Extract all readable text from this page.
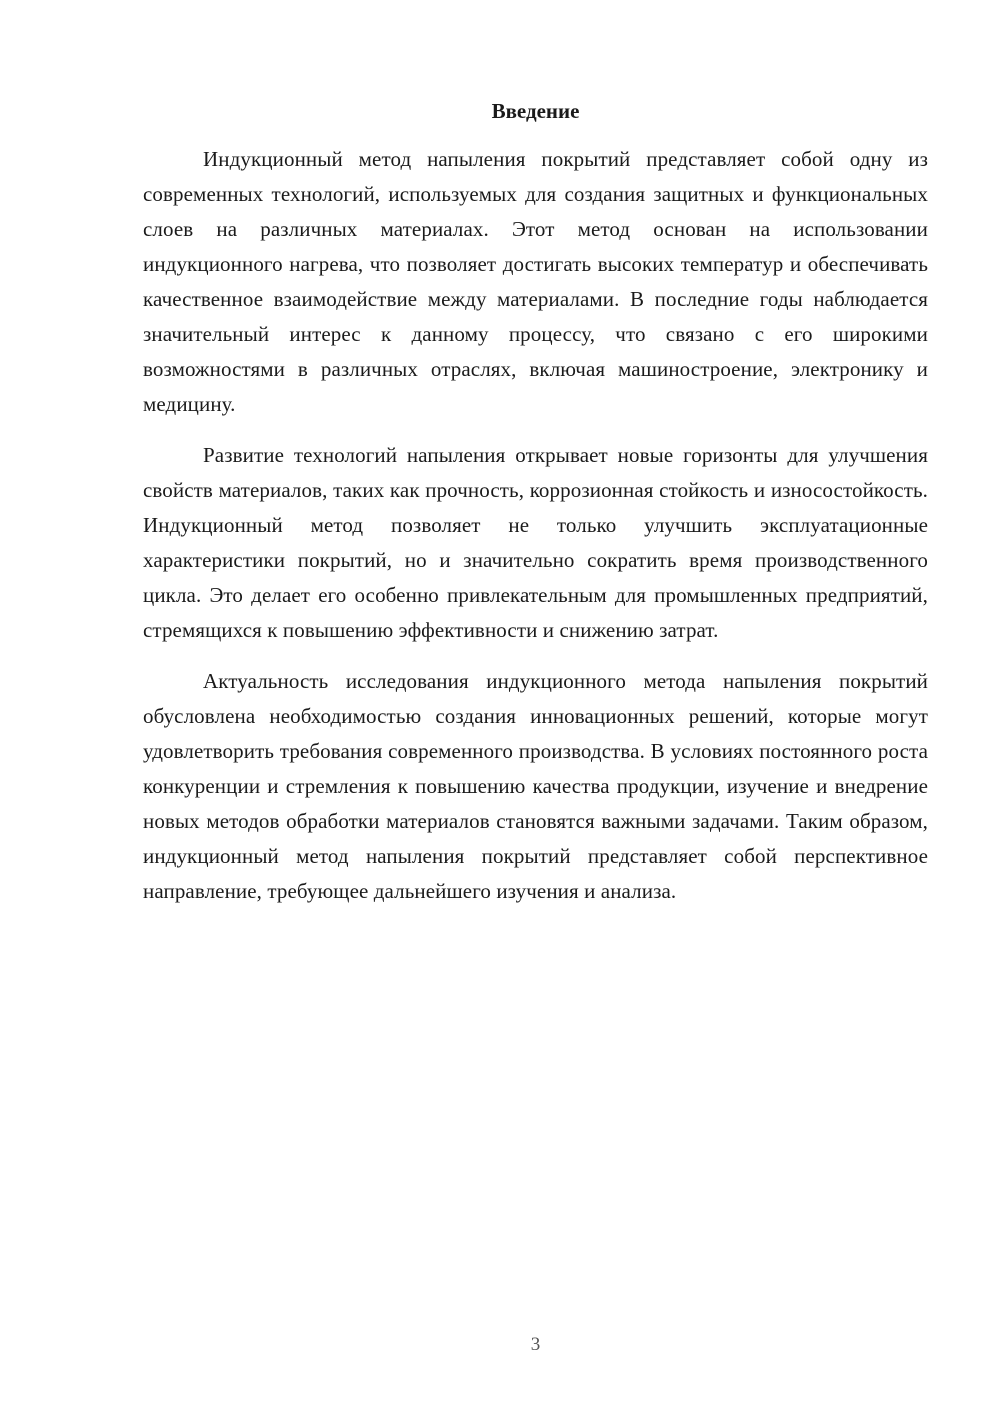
Введение

Индукционный метод напыления покрытий представляет собой одну из современных технологий, используемых для создания защитных и функциональных слоев на различных материалах. Этот метод основан на использовании индукционного нагрева, что позволяет достигать высоких температур и обеспечивать качественное взаимодействие между материалами. В последние годы наблюдается значительный интерес к данному процессу, что связано с его широкими возможностями в различных отраслях, включая машиностроение, электронику и медицину.

Развитие технологий напыления открывает новые горизонты для улучшения свойств материалов, таких как прочность, коррозионная стойкость и износостойкость. Индукционный метод позволяет не только улучшить эксплуатационные характеристики покрытий, но и значительно сократить время производственного цикла. Это делает его особенно привлекательным для промышленных предприятий, стремящихся к повышению эффективности и снижению затрат.

Актуальность исследования индукционного метода напыления покрытий обусловлена необходимостью создания инновационных решений, которые могут удовлетворить требования современного производства. В условиях постоянного роста конкуренции и стремления к повышению качества продукции, изучение и внедрение новых методов обработки материалов становятся важными задачами. Таким образом, индукционный метод напыления покрытий представляет собой перспективное направление, требующее дальнейшего изучения и анализа.

3
